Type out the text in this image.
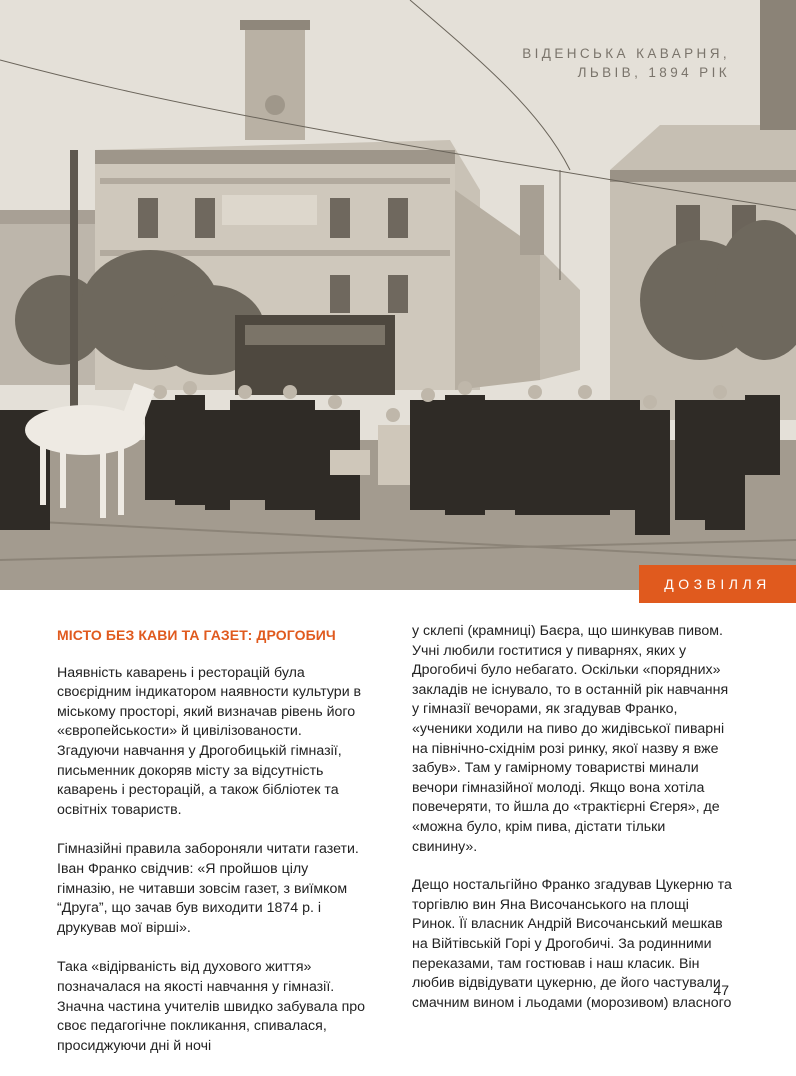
ВІДЕНСЬКА КАВАРНЯ,
ЛЬВІВ, 1894 РІК
ДОЗВІЛЛЯ
МІСТО БЕЗ КАВИ ТА ГАЗЕТ: ДРОГОБИЧ

Наявність каварень і ресторацій була своєрідним індикатором наявности культури в міському просторі, який визначав рівень його «європейськости» й цивілізованости. Згадуючи навчання у Дрогобицькій гімназії, письменник докоряв місту за відсутність каварень і ресторацій, а також бібліотек та освітніх товариств.

Гімназійні правила забороняли читати газети. Іван Франко свідчив: «Я пройшов цілу гімназію, не читавши зовсім газет, з виїмком “Друга”, що зачав був виходити 1874 р. і друкував мої вірші».

Така «відірваність від духового життя» позначалася на якості навчання у гімназії. Значна частина учителів швидко забувала про своє педагогічне покликання, спивалася, просиджуючи дні й ночі

у склепі (крамниці) Баєра, що шинкував пивом. Учні любили гоститися у пиварнях, яких у Дрогобичі було небагато. Оскільки «порядних» закладів не існувало, то в останній рік навчання у гімназії вечорами, як згадував Франко, «ученики ходили на пиво до жидівської пиварні на північно-східнім розі ринку, якої назву я вже забув». Там у гамірному товаристві минали вечори гімназійної молоді. Якщо вона хотіла повечеряти, то йшла до «трактієрні Єгеря», де «можна було, крім пива, дістати тільки свинину».

Дещо ностальгійно Франко згадував Цукерню та торгівлю вин Яна Височанського на площі Ринок. Її власник Андрій Височанський мешкав на Війтівській Горі у Дрогобичі. За родинними переказами, там гостював і наш класик. Він любив відвідувати цукерню, де його частували смачним вином і льодами (морозивом) власного

47
